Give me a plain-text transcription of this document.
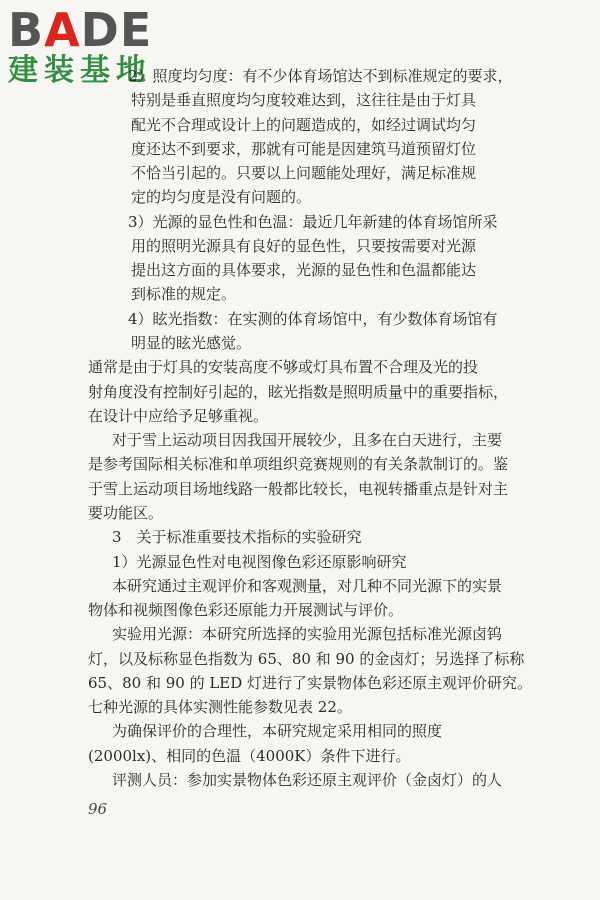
BADE
建装基地
2）照度均匀度：有不少体育场馆达不到标准规定的要求，
特别是垂直照度均匀度较难达到，这往往是由于灯具
配光不合理或设计上的问题造成的，如经过调试均匀
度还达不到要求，那就有可能是因建筑马道预留灯位
不恰当引起的。只要以上问题能处理好，满足标准规
定的均匀度是没有问题的。
3）光源的显色性和色温：最近几年新建的体育场馆所采
用的照明光源具有良好的显色性，只要按需要对光源
提出这方面的具体要求，光源的显色性和色温都能达
到标准的规定。
4）眩光指数：在实测的体育场馆中，有少数体育场馆有
明显的眩光感觉。
通常是由于灯具的安装高度不够或灯具布置不合理及光的投
射角度没有控制好引起的，眩光指数是照明质量中的重要指标，
在设计中应给予足够重视。
对于雪上运动项目因我国开展较少，且多在白天进行，主要
是参考国际相关标准和单项组织竞赛规则的有关条款制订的。鉴
于雪上运动项目场地线路一般都比较长，电视转播重点是针对主
要功能区。
3　关于标准重要技术指标的实验研究
1）光源显色性对电视图像色彩还原影响研究
本研究通过主观评价和客观测量，对几种不同光源下的实景
物体和视频图像色彩还原能力开展测试与评价。
实验用光源：本研究所选择的实验用光源包括标准光源卤钨
灯，以及标称显色指数为 65、80 和 90 的金卤灯；另选择了标称
65、80 和 90 的 LED 灯进行了实景物体色彩还原主观评价研究。
七种光源的具体实测性能参数见表 22。
为确保评价的合理性，本研究规定采用相同的照度
(2000lx)、相同的色温（4000K）条件下进行。
评测人员：参加实景物体色彩还原主观评价（金卤灯）的人
96
